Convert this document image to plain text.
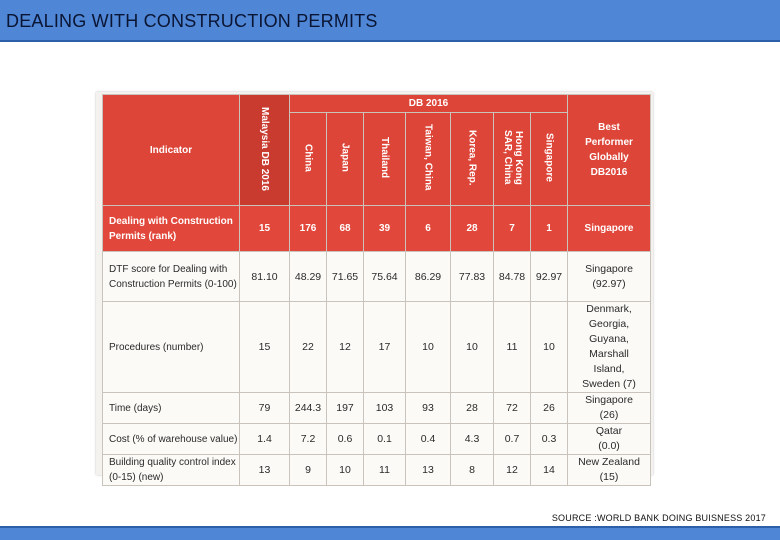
DEALING WITH CONSTRUCTION PERMITS
Indicator	Malaysia DB 2016	DB 2016							Best Performer Globally DB2016

		China	Japan	Thailand	Taiwan, China	Korea, Rep.	Hong Kong SAR, China	Singapore	
Dealing with Construction Permits (rank)	15	176	68	39	6	28	7	1	Singapore
DTF score for Dealing with Construction Permits (0-100)	81.10	48.29	71.65	75.64	86.29	77.83	84.78	92.97	Singapore (92.97)

Procedures (number)	15	22	12	17	10	10	11	10	Denmark, Georgia, Guyana, Marshall Island, Sweden (7)

Time (days)	79	244.3	197	103	93	28	72	26	Singapore (26)

Cost (% of warehouse value)	1.4	7.2	0.6	0.1	0.4	4.3	0.7	0.3	Qatar (0.0)

Building quality control index (0-15) (new)	13	9	10	11	13	8	12	14	New Zealand (15)
SOURCE :WORLD BANK DOING BUISNESS 2017
